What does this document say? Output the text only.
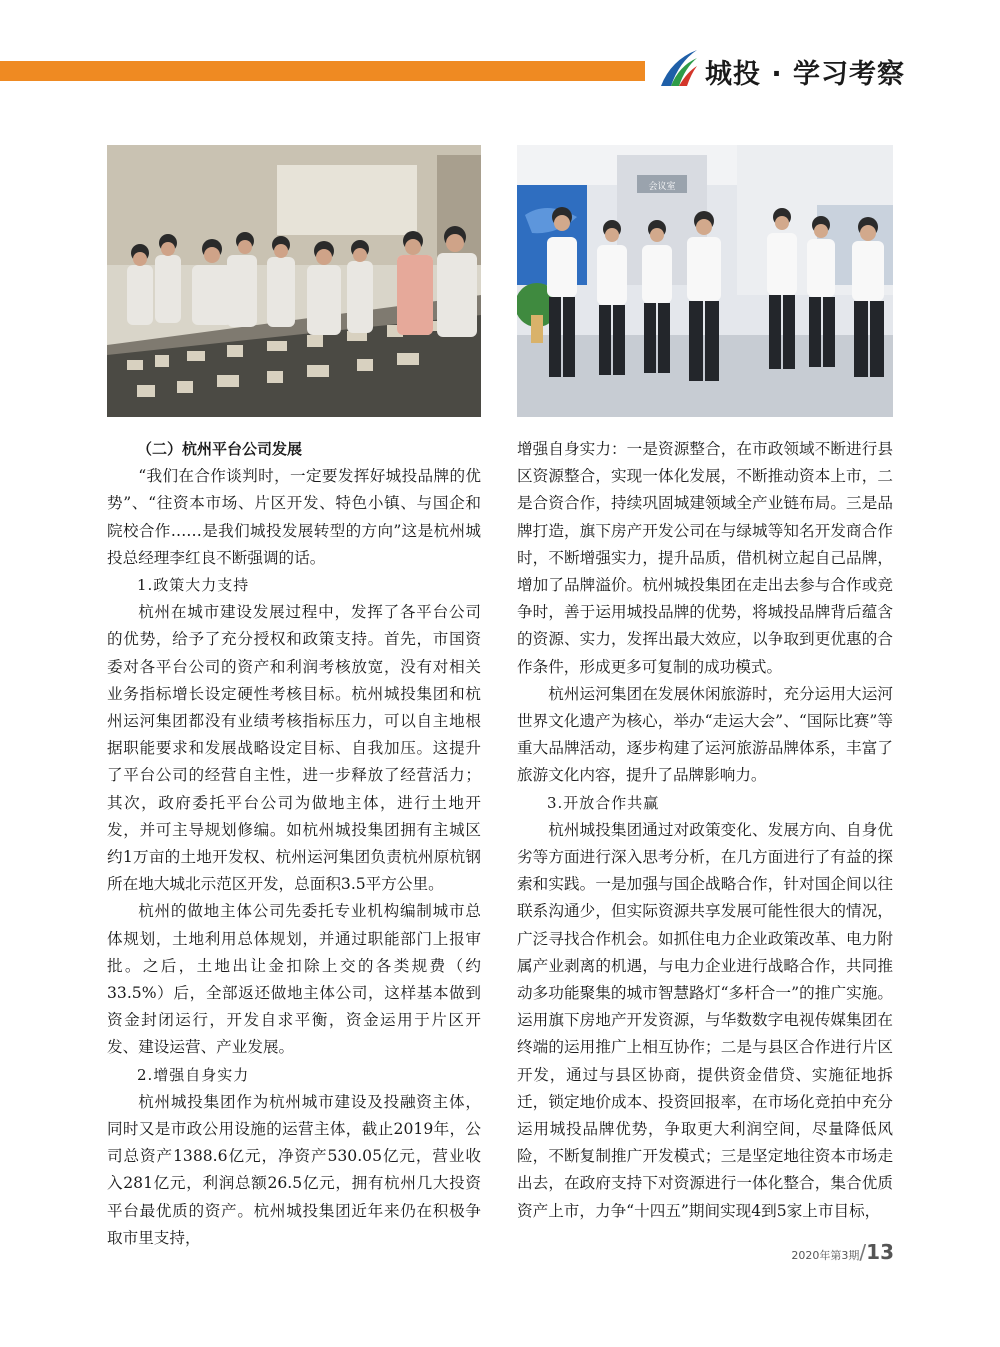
城投 · 学习考察
会议室

（二）杭州平台公司发展

“我们在合作谈判时，一定要发挥好城投品牌的优势”、“往资本市场、片区开发、特色小镇、与国企和院校合作……是我们城投发展转型的方向”这是杭州城投总经理李红良不断强调的话。

1.政策大力支持

杭州在城市建设发展过程中，发挥了各平台公司的优势，给予了充分授权和政策支持。首先，市国资委对各平台公司的资产和利润考核放宽，没有对相关业务指标增长设定硬性考核目标。杭州城投集团和杭州运河集团都没有业绩考核指标压力，可以自主地根据职能要求和发展战略设定目标、自我加压。这提升了平台公司的经营自主性，进一步释放了经营活力；其次，政府委托平台公司为做地主体，进行土地开发，并可主导规划修编。如杭州城投集团拥有主城区约1万亩的土地开发权、杭州运河集团负责杭州原杭钢所在地大城北示范区开发，总面积3.5平方公里。

杭州的做地主体公司先委托专业机构编制城市总体规划，土地利用总体规划，并通过职能部门上报审批。之后，土地出让金扣除上交的各类规费（约33.5%）后，全部返还做地主体公司，这样基本做到资金封闭运行，开发自求平衡，资金运用于片区开发、建设运营、产业发展。

2.增强自身实力

杭州城投集团作为杭州城市建设及投融资主体，同时又是市政公用设施的运营主体，截止2019年，公司总资产1388.6亿元，净资产530.05亿元，营业收入281亿元，利润总额26.5亿元，拥有杭州几大投资平台最优质的资产。杭州城投集团近年来仍在积极争取市里支持，

增强自身实力：一是资源整合，在市政领域不断进行县区资源整合，实现一体化发展，不断推动资本上市，二是合资合作，持续巩固城建领域全产业链布局。三是品牌打造，旗下房产开发公司在与绿城等知名开发商合作时，不断增强实力，提升品质，借机树立起自己品牌，增加了品牌溢价。杭州城投集团在走出去参与合作或竞争时，善于运用城投品牌的优势，将城投品牌背后蕴含的资源、实力，发挥出最大效应，以争取到更优惠的合作条件，形成更多可复制的成功模式。

杭州运河集团在发展休闲旅游时，充分运用大运河世界文化遗产为核心，举办“走运大会”、“国际比赛”等重大品牌活动，逐步构建了运河旅游品牌体系，丰富了旅游文化内容，提升了品牌影响力。

3.开放合作共赢

杭州城投集团通过对政策变化、发展方向、自身优劣等方面进行深入思考分析，在几方面进行了有益的探索和实践。一是加强与国企战略合作，针对国企间以往联系沟通少，但实际资源共享发展可能性很大的情况，广泛寻找合作机会。如抓住电力企业政策改革、电力附属产业剥离的机遇，与电力企业进行战略合作，共同推动多功能聚集的城市智慧路灯“多杆合一”的推广实施。运用旗下房地产开发资源，与华数数字电视传媒集团在终端的运用推广上相互协作；二是与县区合作进行片区开发，通过与县区协商，提供资金借贷、实施征地拆迁，锁定地价成本、投资回报率，在市场化竞拍中充分运用城投品牌优势，争取更大利润空间，尽量降低风险，不断复制推广开发模式；三是坚定地往资本市场走出去，在政府支持下对资源进行一体化整合，集合优质资产上市，力争“十四五”期间实现4到5家上市目标，

2020年第3期/13
